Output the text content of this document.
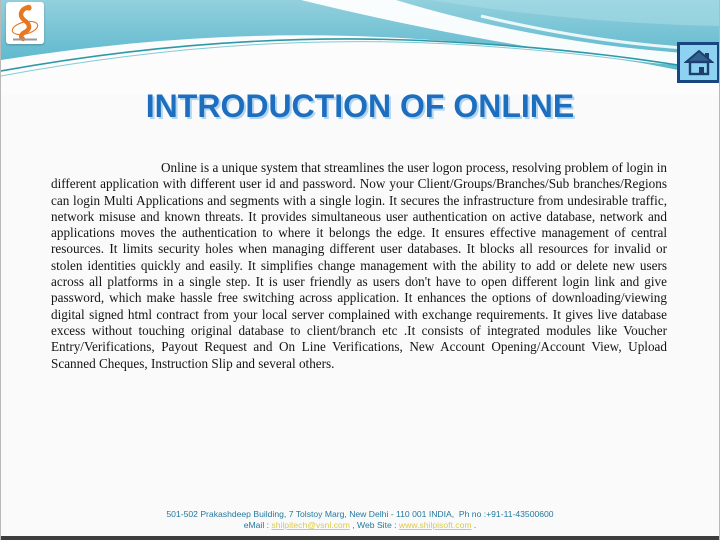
INTRODUCTION OF ONLINE

Online is a unique system that streamlines the user logon process, resolving problem of login in different application with different user id and password. Now your Client/Groups/Branches/Sub branches/Regions can login Multi Applications and segments with a single login. It secures the infrastructure from undesirable traffic, network misuse and known threats. It provides simultaneous user authentication on active database, network and applications moves the authentication to where it belongs the edge. It ensures effective management of central resources. It limits security holes when managing different user databases. It blocks all resources for invalid or stolen identities quickly and easily. It simplifies change management with the ability to add or delete new users across all platforms in a single step. It is user friendly as users don't have to open different login link and give password, which make hassle free switching across application. It enhances the options of downloading/viewing digital signed html contract from your local server complained with exchange requirements. It gives live database excess without touching original database to client/branch etc .It consists of integrated modules like Voucher Entry/Verifications, Payout Request and On Line Verifications, New Account Opening/Account View, Upload Scanned Cheques, Instruction Slip and several others.

501-502 Prakashdeep Building, 7 Tolstoy Marg, New Delhi - 110 001 INDIA,  Ph no :+91-11-43500600
eMail : shilpitech@vsnl.com , Web Site : www.shilpisoft.com .
